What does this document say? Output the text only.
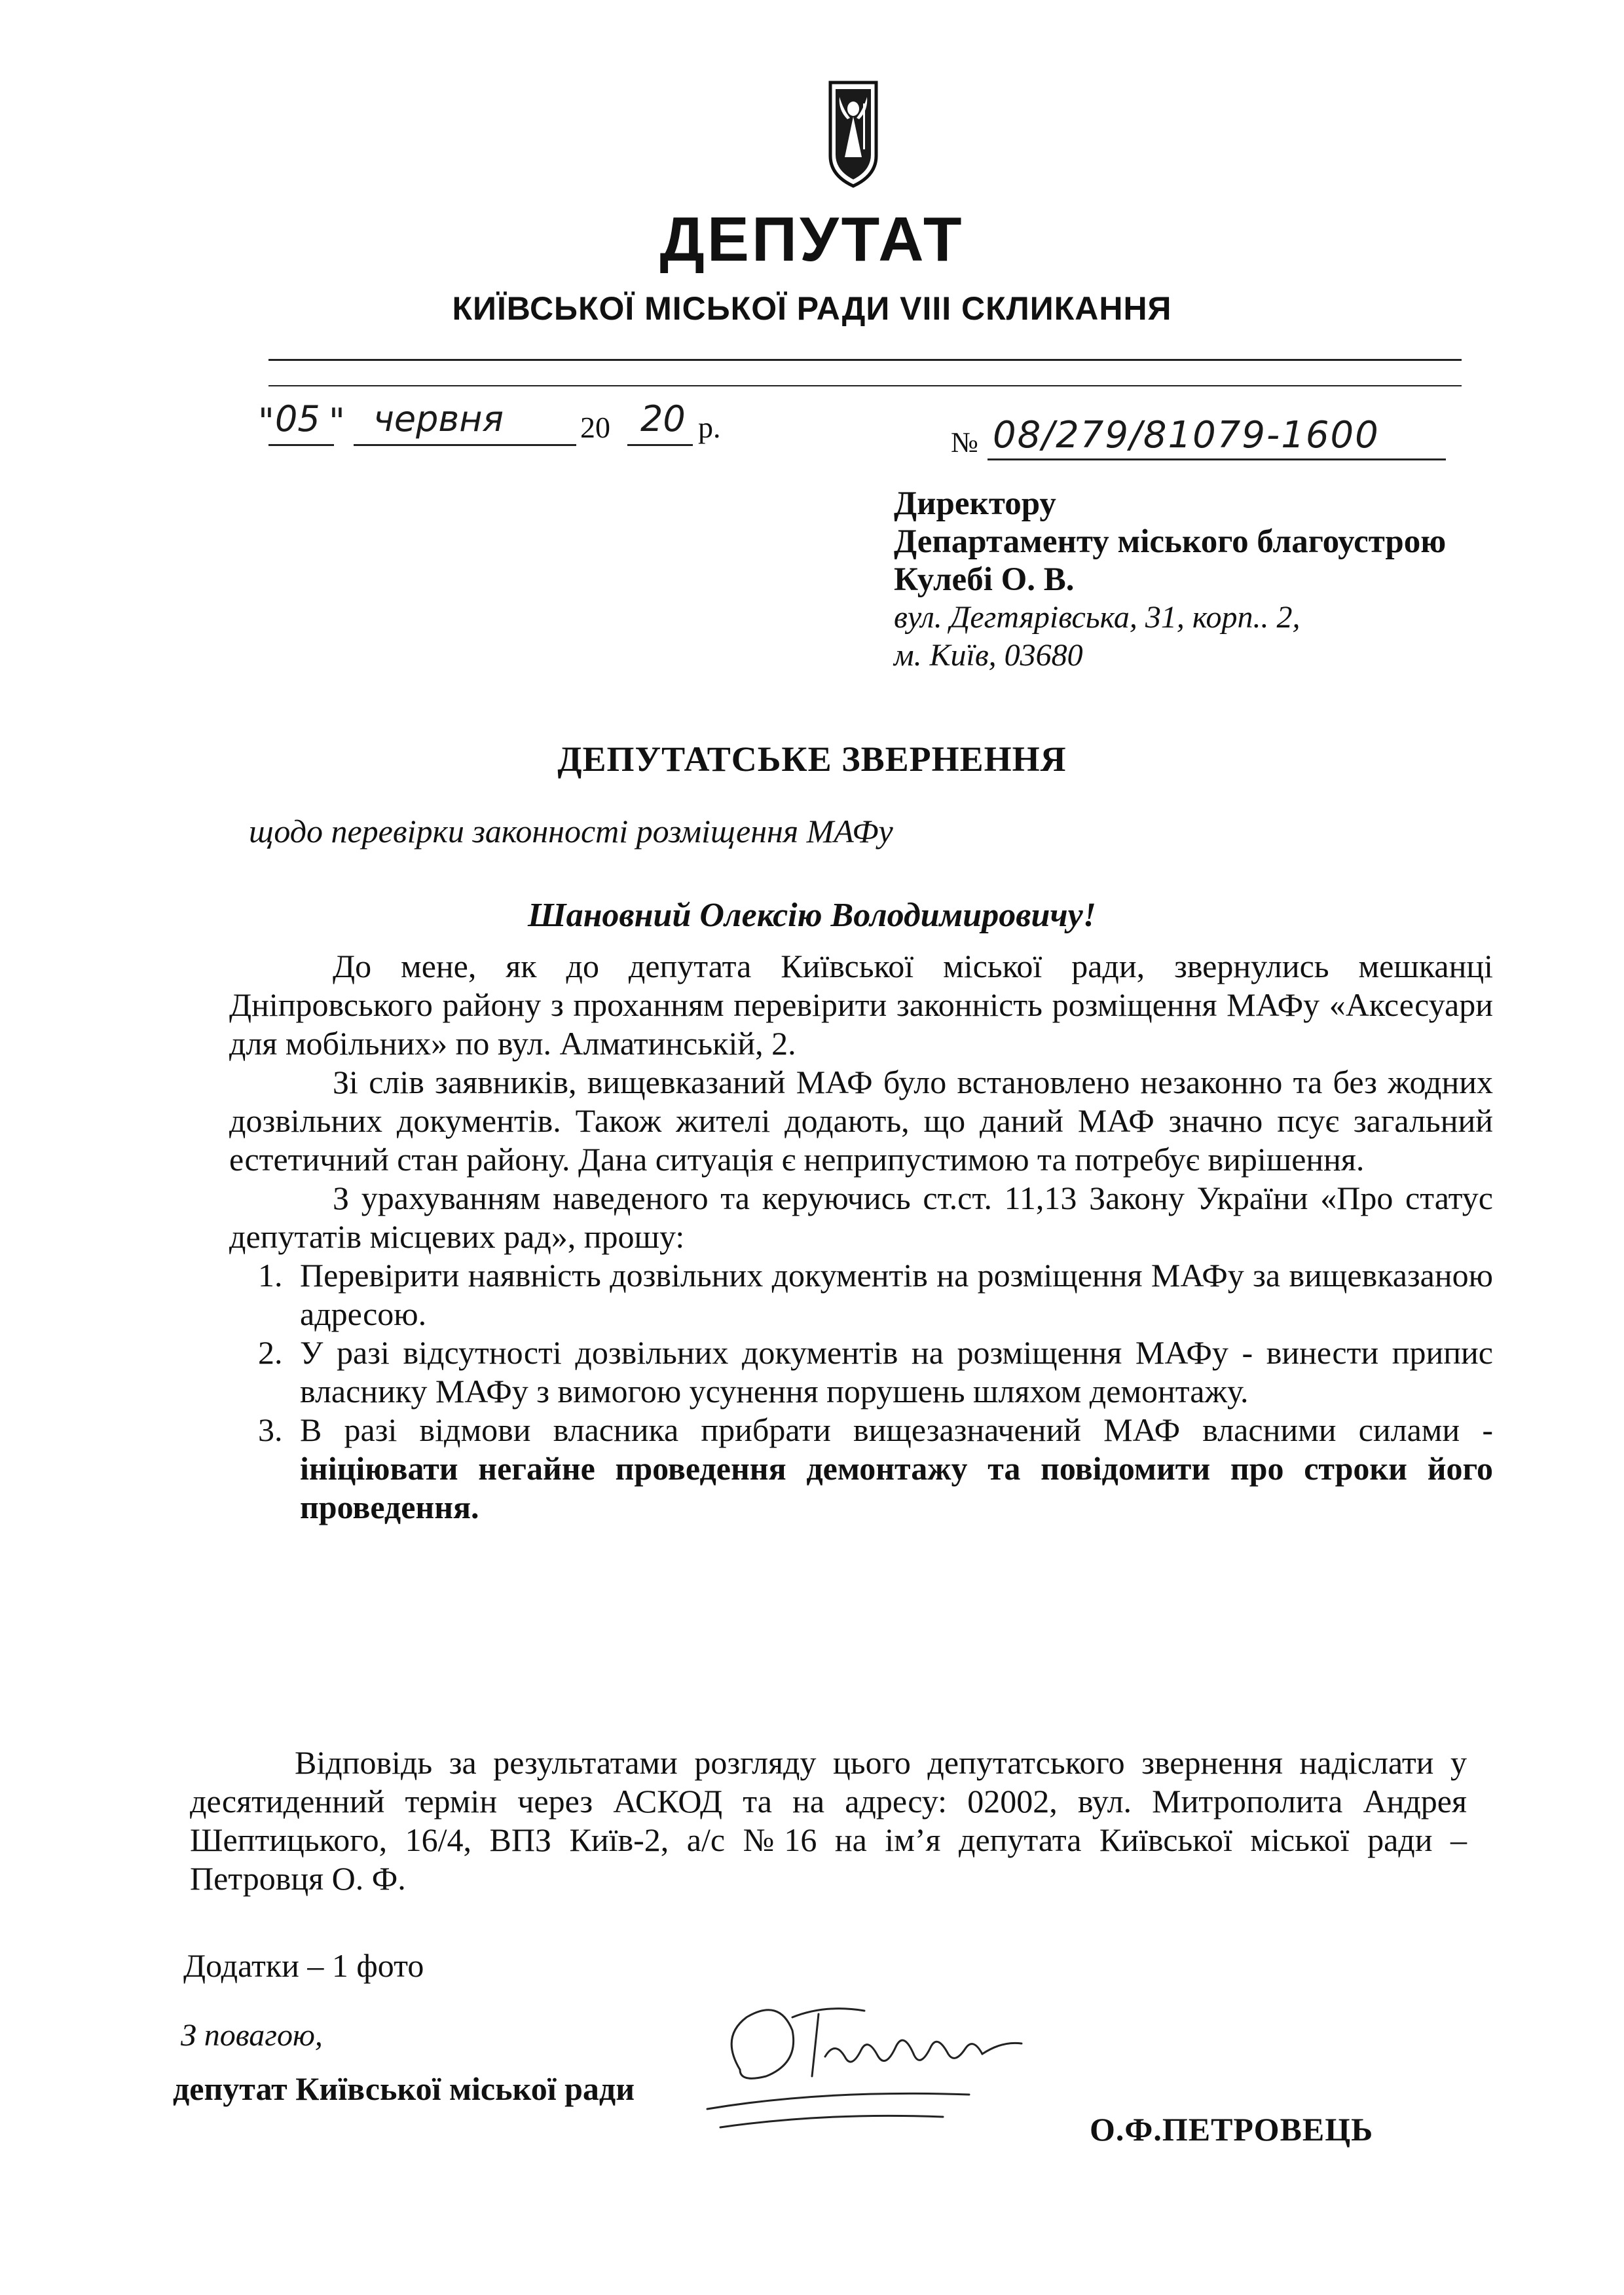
ДЕПУТАТ
КИЇВСЬКОЇ МІСЬКОЇ РАДИ VIII СКЛИКАННЯ
" 05 " червня	20 20 р.	№ 08/279/81079-1600
Директору
Департаменту міського благоустрою
Кулебі О. В.
вул. Дегтярівська, 31, корп.. 2,
м. Київ, 03680
ДЕПУТАТСЬКЕ ЗВЕРНЕННЯ
щодо перевірки законності розміщення МАФу
Шановний Олексію Володимировичу!

До мене, як до депутата Київської міської ради, звернулись мешканці Дніпровського району з проханням перевірити законність розміщення МАФу «Аксесуари для мобільних» по вул. Алматинській, 2.

Зі слів заявників, вищевказаний МАФ було встановлено незаконно та без жодних дозвільних документів. Також жителі додають, що даний МАФ значно псує загальний естетичний стан району. Дана ситуація є неприпустимою та потребує вирішення.

З урахуванням наведеного та керуючись ст.ст. 11,13 Закону України «Про статус депутатів місцевих рад», прошу:

1. Перевірити наявність дозвільних документів на розміщення МАФу за вищевказаною адресою.
2. У разі відсутності дозвільних документів на розміщення МАФу - винести припис власнику МАФу з вимогою усунення порушень шляхом демонтажу.
3. В разі відмови власника прибрати вищезазначений МАФ власними силами - ініціювати негайне проведення демонтажу та повідомити про строки його проведення.

Відповідь за результатами розгляду цього депутатського звернення надіслати у десятиденний термін через АСКОД та на адресу: 02002, вул. Митрополита Андрея Шептицького, 16/4, ВПЗ Київ-2, а/с №16 на ім’я депутата Київської міської ради – Петровця О. Ф.

Додатки – 1 фото
З повагою,
депутат Київської міської ради
О.Ф.ПЕТРОВЕЦЬ
